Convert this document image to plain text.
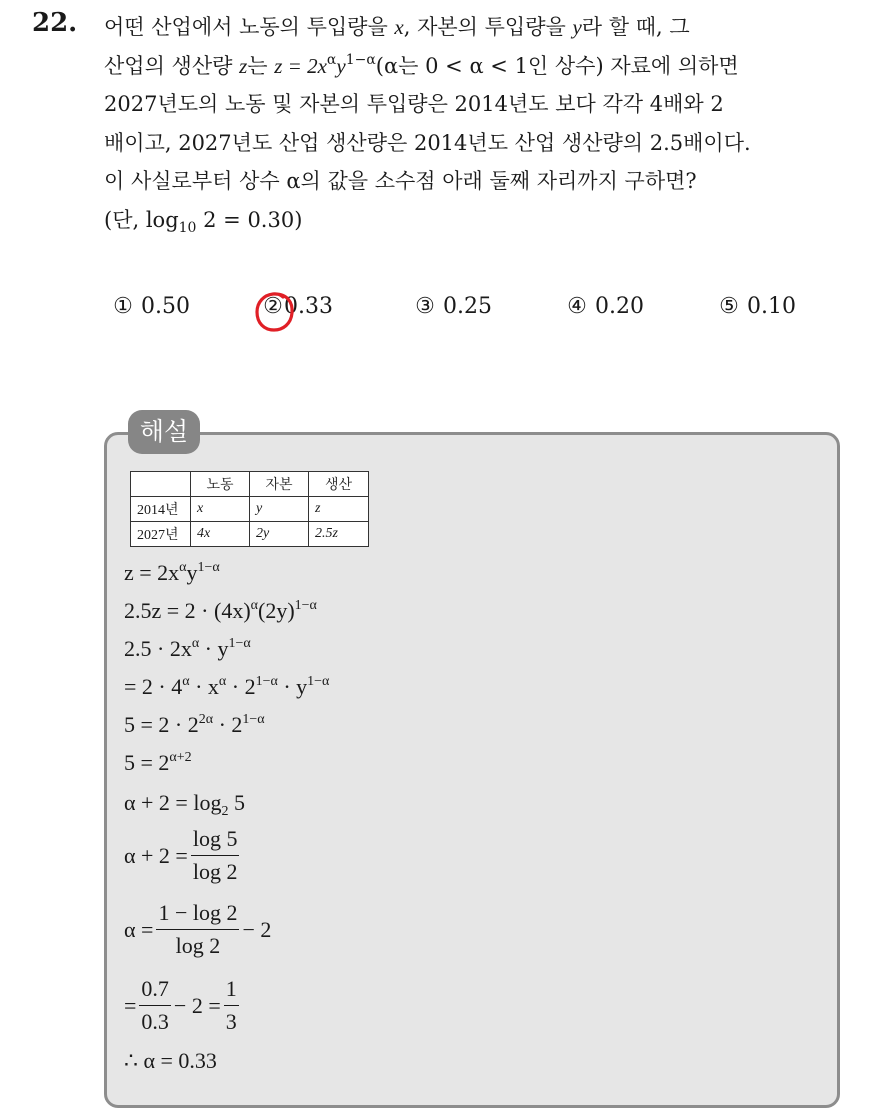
22. 어떤 산업에서 노동의 투입량을 x, 자본의 투입량을 y라 할 때, 그
산업의 생산량 z는 $z = 2x^\alpha y^{1-\alpha}(\alpha$는 0 < α < 1인 상수) 자료에 의하면
2027년도의 노동 및 자본의 투입량은 2014년도 보다 각각 4배와 2
배이고, 2027년도 산업 생산량은 2014년도 산업 생산량의 2.5배이다.
이 사실로부터 상수 α의 값을 소수점 아래 둘째 자리까지 구하면?
(단, $\log_{10} 2 = 0.30$)
① 0.50	②0.33	③ 0.25	④ 0.20	⑤ 0.10
해설
	노동	자본	생산
2014년	x	y	z
2027년	4x	2y	2.5z
$z = 2x^\alpha y^{1-\alpha}$
$2.5z = 2 \cdot (4x)^\alpha(2y)^{1-\alpha}$
$2.5 \cdot 2x^\alpha \cdot y^{1-\alpha}$
= $2 \cdot 4^\alpha \cdot x^\alpha \cdot 2^{1-\alpha} \cdot y^{1-\alpha}$
$5 = 2 \cdot 2^{2\alpha} \cdot 2^{1-\alpha}$
$5 = 2^{\alpha+2}$
$\alpha + 2 = \log_2 5$
$\alpha + 2 = \frac{\log 5}{\log 2}$
$\alpha = \frac{1 - \log 2}{\log 2} - 2$
= $\frac{0.7}{0.3} - 2 = \frac{1}{3}$
∴ α = 0.33
